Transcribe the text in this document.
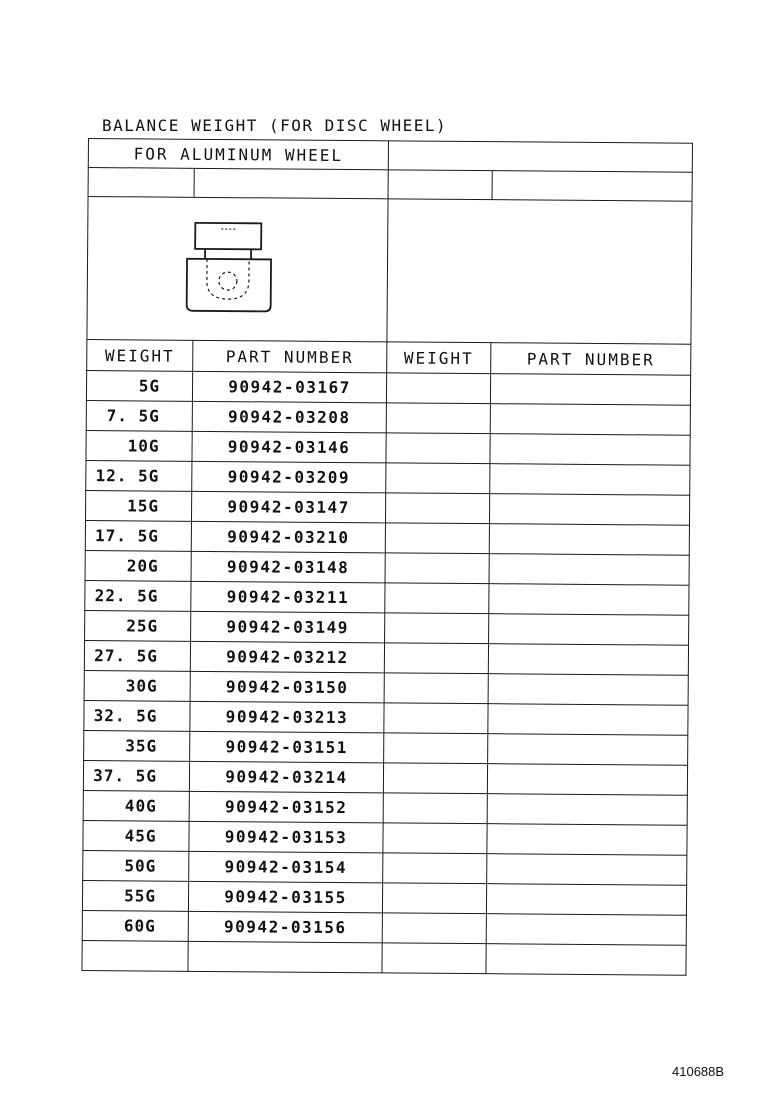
BALANCE WEIGHT (FOR DISC WHEEL)
FOR ALUMINUM WHEEL			

WEIGHT	PART NUMBER	WEIGHT	PART NUMBER
5G	90942-03167		
7. 5G	90942-03208		
10G	90942-03146		
12. 5G	90942-03209		
15G	90942-03147		
17. 5G	90942-03210		
20G	90942-03148		
22. 5G	90942-03211		
25G	90942-03149		
27. 5G	90942-03212		
30G	90942-03150		
32. 5G	90942-03213		
35G	90942-03151		
37. 5G	90942-03214		
40G	90942-03152		
45G	90942-03153		
50G	90942-03154		
55G	90942-03155		
60G	90942-03156		

410688B
